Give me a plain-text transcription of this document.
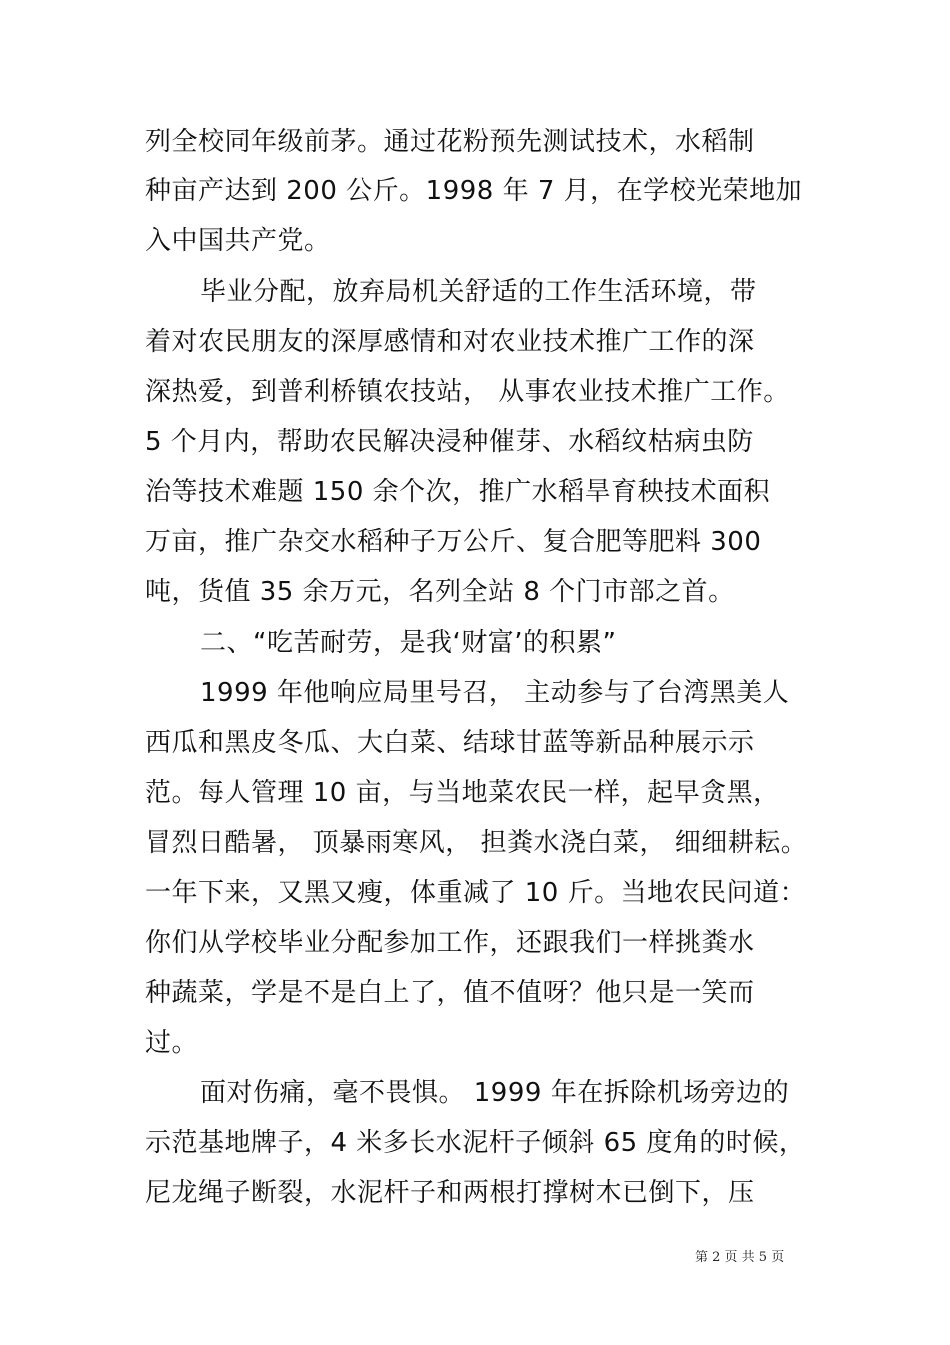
列全校同年级前茅。通过花粉预先测试技术，水稻制
种亩产达到 200 公斤。1998 年 7 月，在学校光荣地加
入中国共产党。
毕业分配，放弃局机关舒适的工作生活环境，带
着对农民朋友的深厚感情和对农业技术推广工作的深
深热爱，到普利桥镇农技站， 从事农业技术推广工作。
5 个月内，帮助农民解决浸种催芽、水稻纹枯病虫防
治等技术难题 150 余个次，推广水稻旱育秧技术面积
万亩，推广杂交水稻种子万公斤、复合肥等肥料 300
吨，货值 35 余万元，名列全站 8 个门市部之首。
二、“吃苦耐劳，是我‘财富’的积累”
1999 年他响应局里号召， 主动参与了台湾黑美人
西瓜和黑皮冬瓜、大白菜、结球甘蓝等新品种展示示
范。每人管理 10 亩，与当地菜农民一样，起早贪黑，
冒烈日酷暑， 顶暴雨寒风， 担粪水浇白菜， 细细耕耘。
一年下来，又黑又瘦，体重减了 10 斤。当地农民问道：
你们从学校毕业分配参加工作，还跟我们一样挑粪水
种蔬菜，学是不是白上了，值不值呀？他只是一笑而
过。
面对伤痛，毫不畏惧。 1999 年在拆除机场旁边的
示范基地牌子，4 米多长水泥杆子倾斜 65 度角的时候，
尼龙绳子断裂，水泥杆子和两根打撑树木已倒下，压
第 2 页 共 5 页
